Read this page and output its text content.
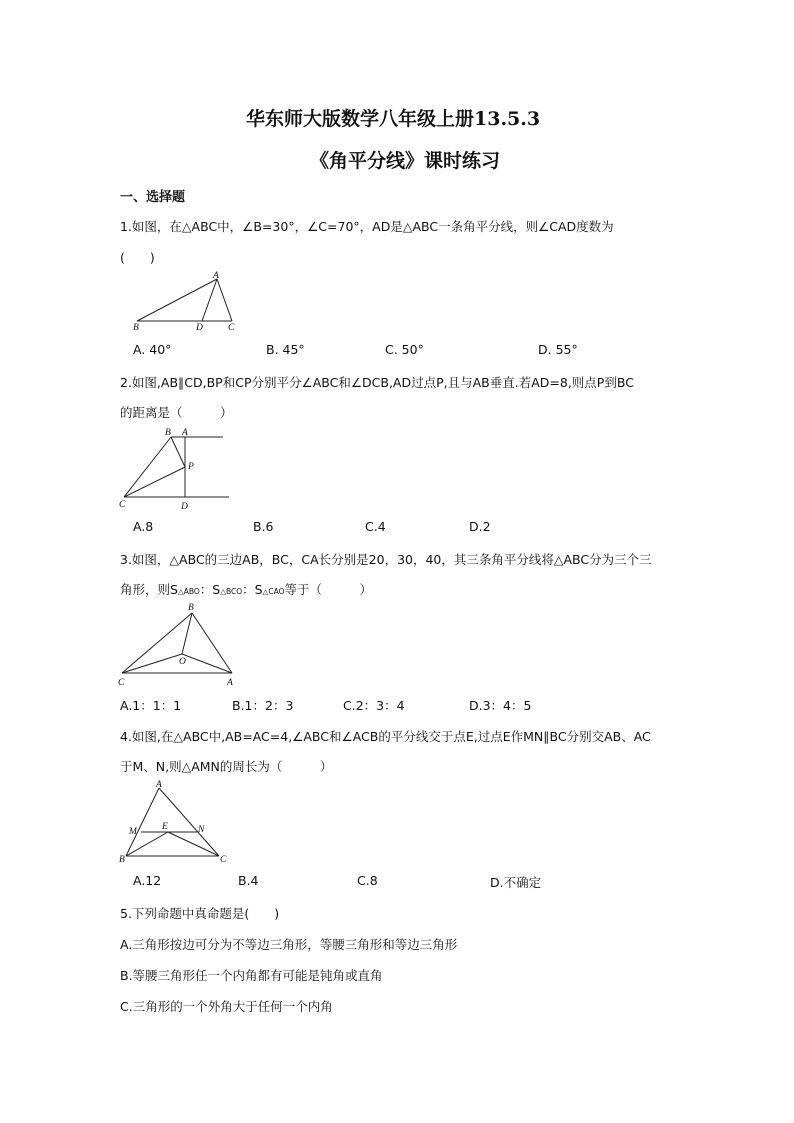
华东师大版数学八年级上册13.5.3
《角平分线》课时练习
一、选择题
1.如图，在△ABC中，∠B=30°，∠C=70°，AD是△ABC一条角平分线，则∠CAD度数为
(　　)
A
B	D	C
A. 40°	B. 45°	C. 50°	D. 55°
2.如图,AB∥CD,BP和CP分别平分∠ABC和∠DCB,AD过点P,且与AB垂直.若AD=8,则点P到BC
的距离是（　　　）
B A
P
C	D
A.8	B.6	C.4	D.2
3.如图，△ABC的三边AB，BC，CA长分别是20，30，40，其三条角平分线将△ABC分为三个三
角形，则S△ABO：S△BCO：S△CAO等于（　　　）
B
O
C	A
A.1：1：1	B.1：2：3	C.2：3：4	D.3：4：5
4.如图,在△ABC中,AB=AC=4,∠ABC和∠ACB的平分线交于点E,过点E作MN∥BC分别交AB、AC
于M、N,则△AMN的周长为（　　　）
A
M	E	N
B	C
A.12	B.4	C.8	D.不确定
5.下列命题中真命题是(　　)
A.三角形按边可分为不等边三角形，等腰三角形和等边三角形
B.等腰三角形任一个内角都有可能是钝角或直角
C.三角形的一个外角大于任何一个内角
